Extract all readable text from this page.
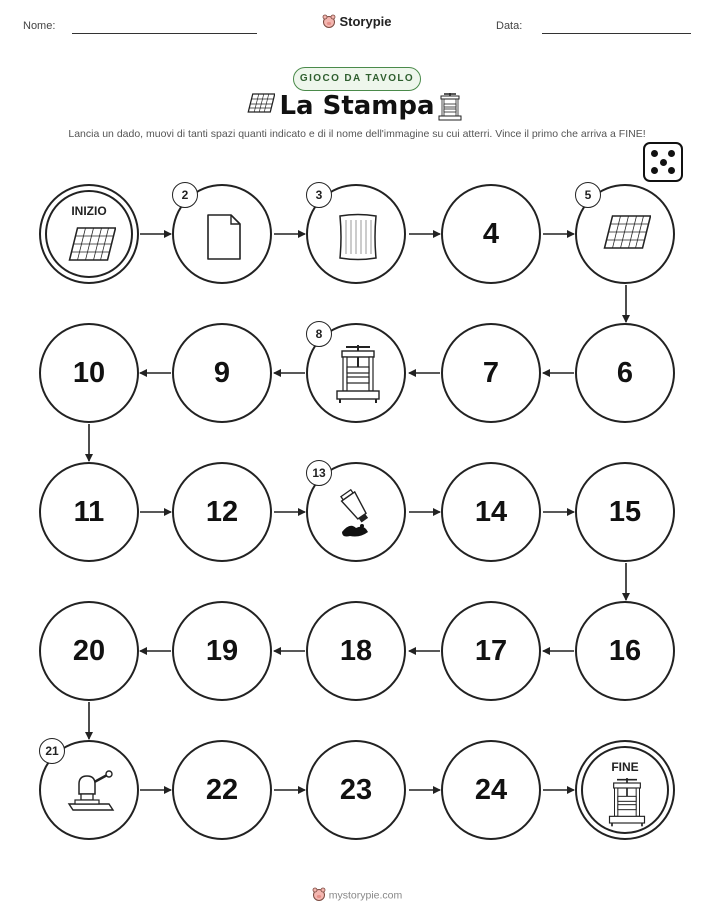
Nome:	Storypie	Data:
GIOCO DA TAVOLO
La Stampa
Lancia un dado, muovi di tanti spazi quanti indicato e di il nome dell'immagine su cui atterri. Vince il primo che arriva a FINE!
INIZIO
2	3
4
5
10	9
8
7	6
11	12
13
14	15
20	19	18	17	16
21
22	23	24
FINE
mystorypie.com
